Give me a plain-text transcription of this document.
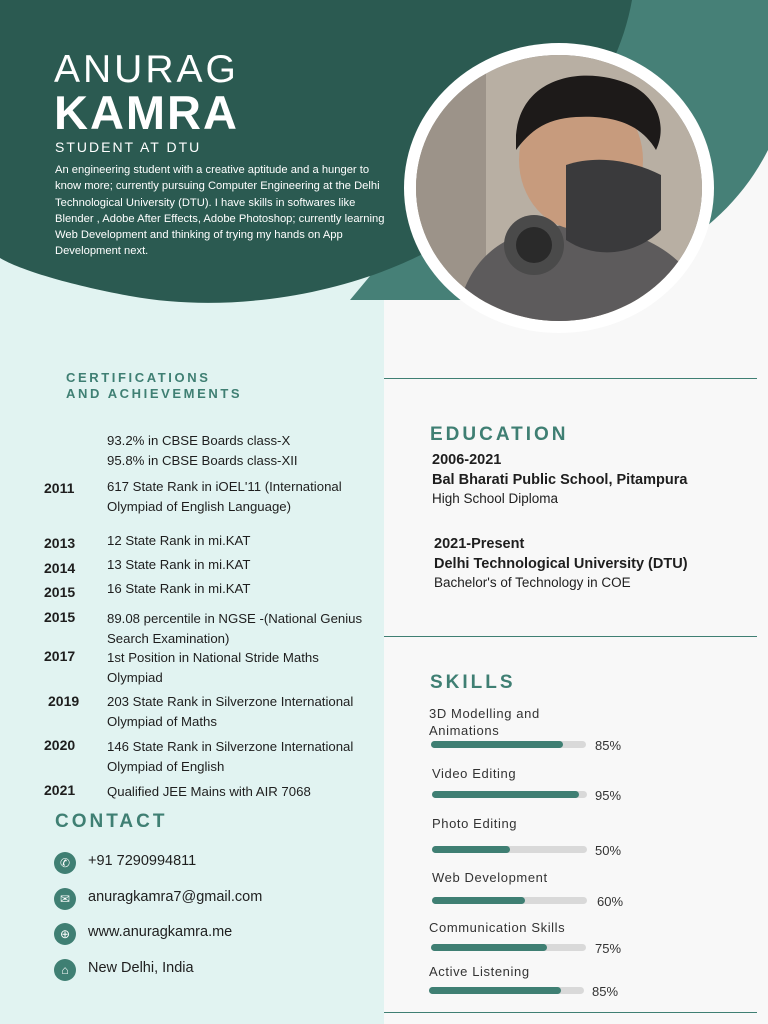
ANURAG
KAMRA
STUDENT AT DTU
An engineering student with a creative aptitude and a hunger to know more; currently pursuing Computer Engineering at the Delhi Technological University (DTU). I have skills in softwares like Blender , Adobe After Effects, Adobe Photoshop; currently learning Web Development and thinking of trying my hands on App Development next.
CERTIFICATIONS
AND ACHIEVEMENTS
93.2% in CBSE Boards class-X
95.8% in CBSE Boards class-XII
2011 617 State Rank in iOEL'11 (International Olympiad of English Language)
2013 12 State Rank in mi.KAT
2014 13 State Rank in mi.KAT
2015 16 State Rank in mi.KAT
2015 89.08 percentile in NGSE -(National Genius Search Examination)
2017 1st Position in National Stride Maths Olympiad
2019 203 State Rank in Silverzone International Olympiad of Maths
2020 146 State Rank in Silverzone International Olympiad of English
2021 Qualified JEE Mains with AIR 7068
CONTACT
✆	+91 7290994811
✉	anuragkamra7@gmail.com
⊕	www.anuragkamra.me
⌂	New Delhi, India
EDUCATION
2006-2021
Bal Bharati Public School, Pitampura
High School Diploma
2021-Present
Delhi Technological University (DTU)
Bachelor's of Technology in COE
SKILLS
3D Modelling and Animations
85%
Video Editing
95%
Photo Editing
50%
Web Development
60%
Communication Skills
75%
Active Listening
85%
